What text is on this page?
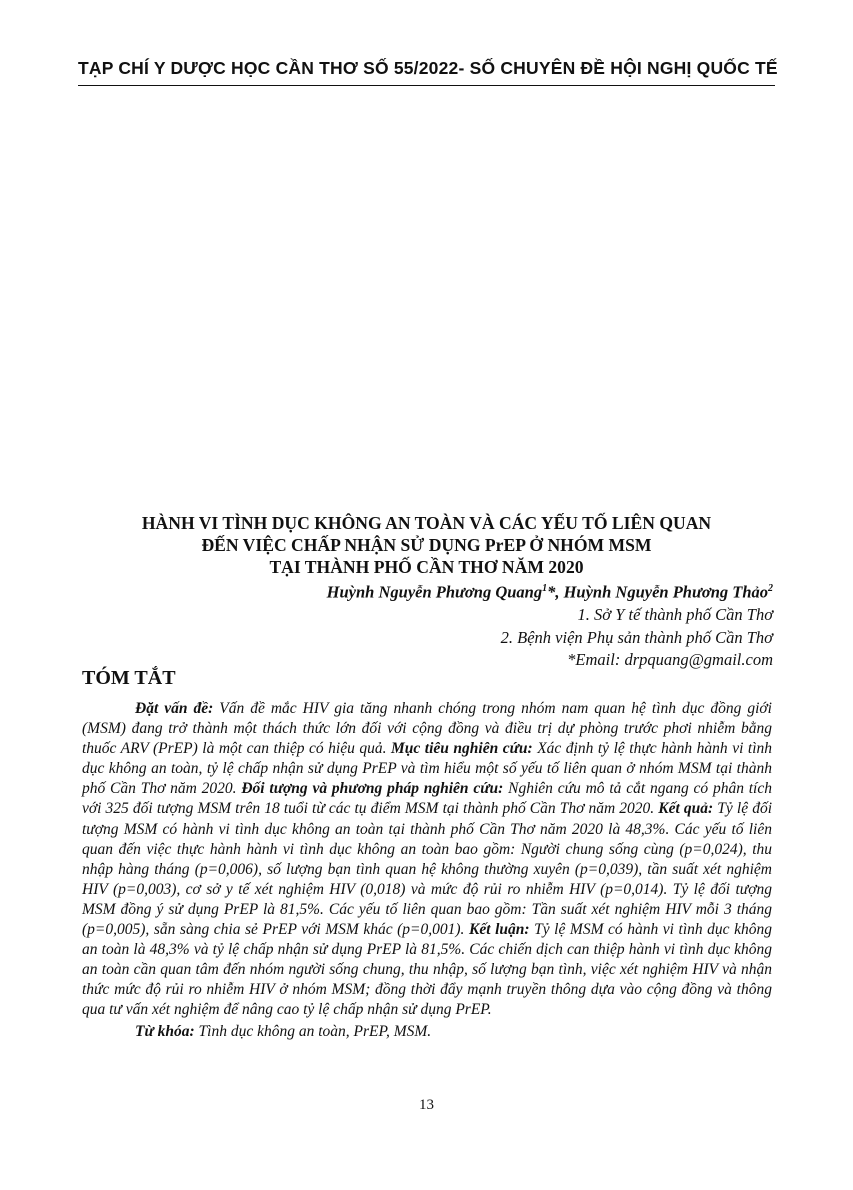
TẠP CHÍ Y DƯỢC HỌC CẦN THƠ SỐ 55/2022- SỐ CHUYÊN ĐỀ HỘI NGHỊ QUỐC TẾ
HÀNH VI TÌNH DỤC KHÔNG AN TOÀN VÀ CÁC YẾU TỐ LIÊN QUAN
ĐẾN VIỆC CHẤP NHẬN SỬ DỤNG PrEP Ở NHÓM MSM
TẠI THÀNH PHỐ CẦN THƠ NĂM 2020
Huỳnh Nguyễn Phương Quang$^1$*, Huỳnh Nguyễn Phương Thảo$^2$
1. Sở Y tế thành phố Cần Thơ
2. Bệnh viện Phụ sản thành phố Cần Thơ
*Email: drpquang@gmail.com
TÓM TẮT

Đặt vấn đề: Vấn đề mắc HIV gia tăng nhanh chóng trong nhóm nam quan hệ tình dục đồng giới (MSM) đang trở thành một thách thức lớn đối với cộng đồng và điều trị dự phòng trước phơi nhiễm bằng thuốc ARV (PrEP) là một can thiệp có hiệu quả. Mục tiêu nghiên cứu: Xác định tỷ lệ thực hành hành vi tình dục không an toàn, tỷ lệ chấp nhận sử dụng PrEP và tìm hiểu một số yếu tố liên quan ở nhóm MSM tại thành phố Cần Thơ năm 2020. Đối tượng và phương pháp nghiên cứu: Nghiên cứu mô tả cắt ngang có phân tích với 325 đối tượng MSM trên 18 tuổi từ các tụ điểm MSM tại thành phố Cần Thơ năm 2020. Kết quả: Tỷ lệ đối tượng MSM có hành vi tình dục không an toàn tại thành phố Cần Thơ năm 2020 là 48,3%. Các yếu tố liên quan đến việc thực hành hành vi tình dục không an toàn bao gồm: Người chung sống cùng (p=0,024), thu nhập hàng tháng (p=0,006), số lượng bạn tình quan hệ không thường xuyên (p=0,039), tần suất xét nghiệm HIV (p=0,003), cơ sở y tế xét nghiệm HIV (0,018) và mức độ rủi ro nhiễm HIV (p=0,014). Tỷ lệ đối tượng MSM đồng ý sử dụng PrEP là 81,5%. Các yếu tố liên quan bao gồm: Tần suất xét nghiệm HIV mỗi 3 tháng (p=0,005), sẵn sàng chia sẻ PrEP với MSM khác (p=0,001). Kết luận: Tỷ lệ MSM có hành vi tình dục không an toàn là 48,3% và tỷ lệ chấp nhận sử dụng PrEP là 81,5%. Các chiến dịch can thiệp hành vi tình dục không an toàn cần quan tâm đến nhóm người sống chung, thu nhập, số lượng bạn tình, việc xét nghiệm HIV và nhận thức mức độ rủi ro nhiễm HIV ở nhóm MSM; đồng thời đẩy mạnh truyền thông dựa vào cộng đồng và thông qua tư vấn xét nghiệm để nâng cao tỷ lệ chấp nhận sử dụng PrEP.

Từ khóa: Tình dục không an toàn, PrEP, MSM.

13
